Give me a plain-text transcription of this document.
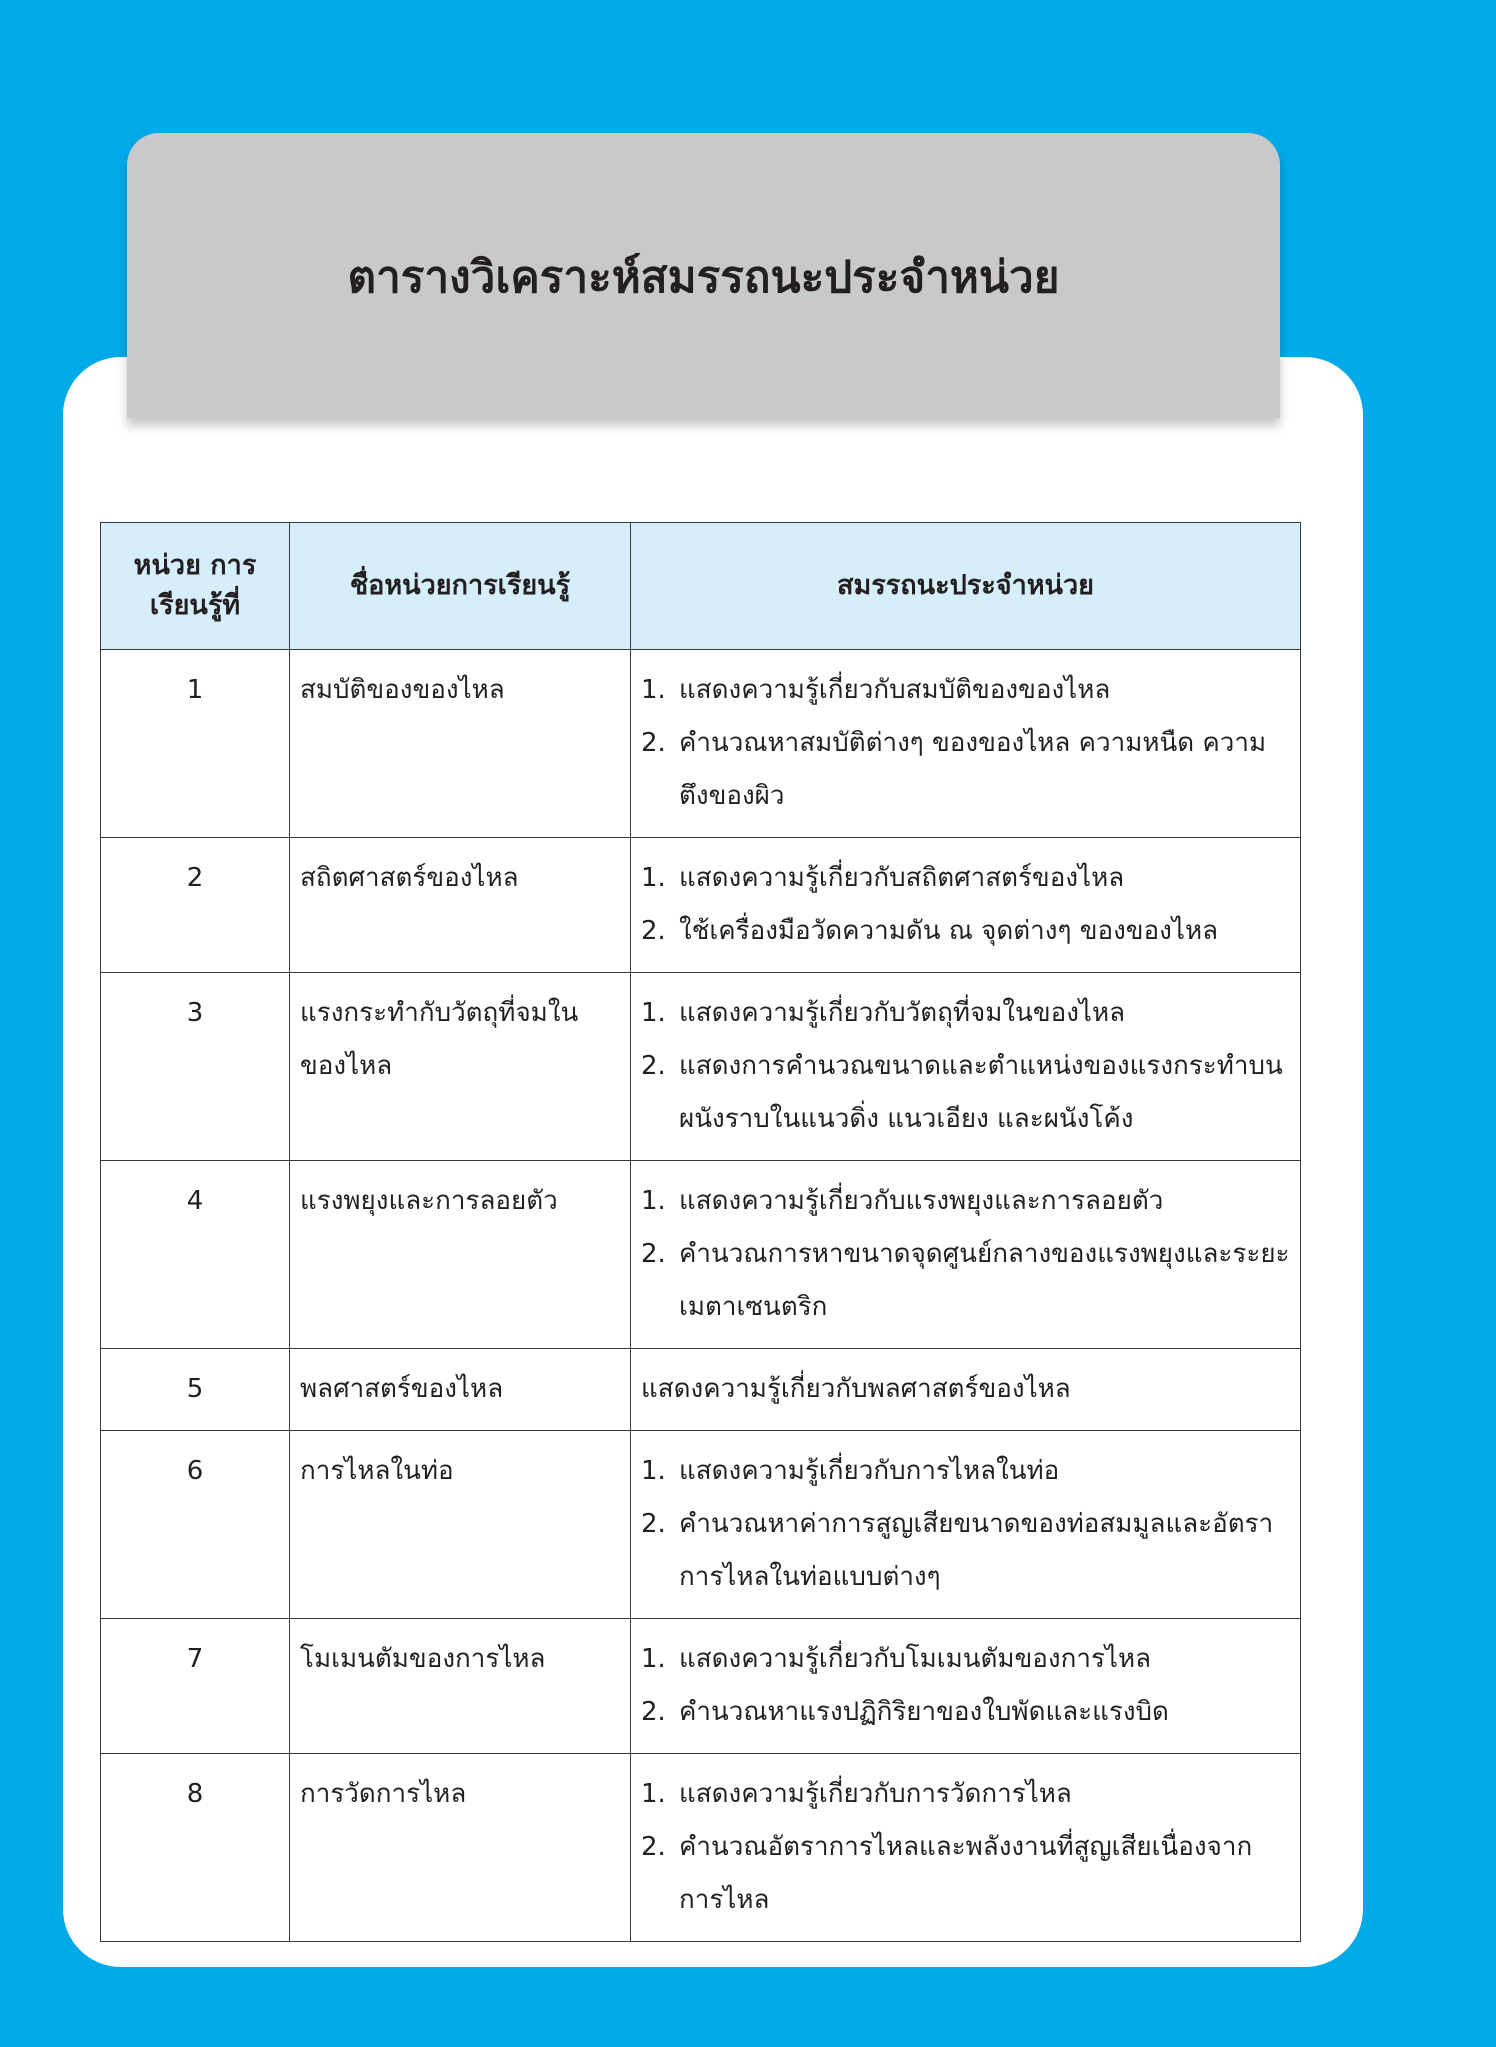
ตารางวิเคราะห์สมรรถนะประจำหน่วย
หน่วย การเรียนรู้ที่	ชื่อหน่วยการเรียนรู้	สมรรถนะประจำหน่วย
1	สมบัติของของไหล	1. แสดงความรู้เกี่ยวกับสมบัติของของไหล
2. คำนวณหาสมบัติต่างๆ ของของไหล ความหนืด ความตึงของผิว

2	สถิตศาสตร์ของไหล	1. แสดงความรู้เกี่ยวกับสถิตศาสตร์ของไหล
2. ใช้เครื่องมือวัดความดัน ณ จุดต่างๆ ของของไหล

3	แรงกระทำกับวัตถุที่จมในของไหล	1. แสดงความรู้เกี่ยวกับวัตถุที่จมในของไหล
2. แสดงการคำนวณขนาดและตำแหน่งของแรงกระทำบนผนังราบในแนวดิ่ง แนวเอียง และผนังโค้ง

4	แรงพยุงและการลอยตัว	1. แสดงความรู้เกี่ยวกับแรงพยุงและการลอยตัว
2. คำนวณการหาขนาดจุดศูนย์กลางของแรงพยุงและระยะเมตาเซนตริก

5	พลศาสตร์ของไหล	แสดงความรู้เกี่ยวกับพลศาสตร์ของไหล

6	การไหลในท่อ	1. แสดงความรู้เกี่ยวกับการไหลในท่อ
2. คำนวณหาค่าการสูญเสียขนาดของท่อสมมูลและอัตราการไหลในท่อแบบต่างๆ

7	โมเมนตัมของการไหล	1. แสดงความรู้เกี่ยวกับโมเมนตัมของการไหล
2. คำนวณหาแรงปฏิกิริยาของใบพัดและแรงบิด

8	การวัดการไหล	1. แสดงความรู้เกี่ยวกับการวัดการไหล
2. คำนวณอัตราการไหลและพลังงานที่สูญเสียเนื่องจากการไหล
